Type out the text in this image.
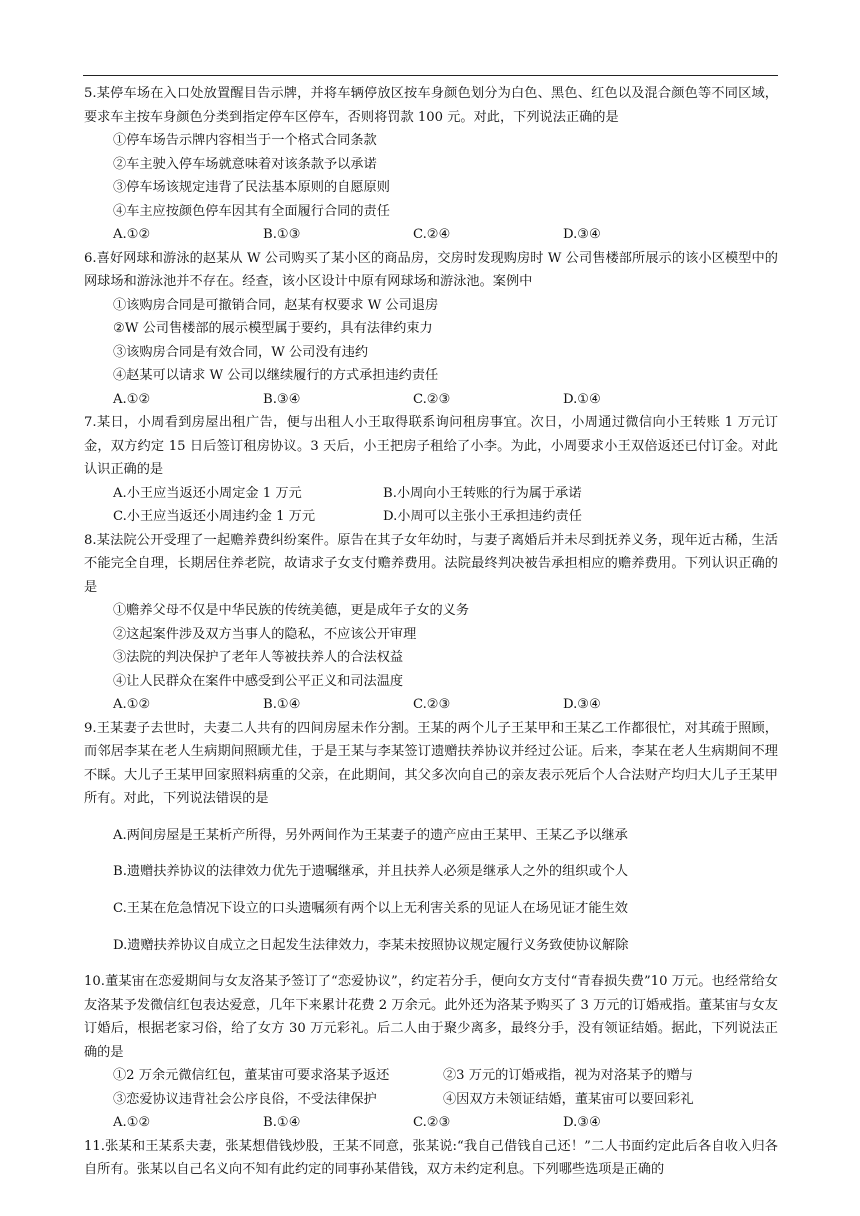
5.某停车场在入口处放置醒目告示牌，并将车辆停放区按车身颜色划分为白色、黑色、红色以及混合颜色等不同区域，要求车主按车身颜色分类到指定停车区停车，否则将罚款 100 元。对此，下列说法正确的是

①停车场告示牌内容相当于一个格式合同条款

②车主驶入停车场就意味着对该条款予以承诺

③停车场该规定违背了民法基本原则的自愿原则

④车主应按颜色停车因其有全面履行合同的责任

A.①②	B.①③	C.②④	D.③④

6.喜好网球和游泳的赵某从 W 公司购买了某小区的商品房，交房时发现购房时 W 公司售楼部所展示的该小区模型中的网球场和游泳池并不存在。经查，该小区设计中原有网球场和游泳池。案例中

①该购房合同是可撤销合同，赵某有权要求 W 公司退房

②W 公司售楼部的展示模型属于要约，具有法律约束力

③该购房合同是有效合同，W 公司没有违约

④赵某可以请求 W 公司以继续履行的方式承担违约责任

A.①②	B.③④	C.②③	D.①④

7.某日，小周看到房屋出租广告，便与出租人小王取得联系询问租房事宜。次日，小周通过微信向小王转账 1 万元订金，双方约定 15 日后签订租房协议。3 天后，小王把房子租给了小李。为此，小周要求小王双倍返还已付订金。对此认识正确的是

A.小王应当返还小周定金 1 万元	B.小周向小王转账的行为属于承诺
C.小王应当返还小周违约金 1 万元	D.小周可以主张小王承担违约责任

8.某法院公开受理了一起赡养费纠纷案件。原告在其子女年幼时，与妻子离婚后并未尽到抚养义务，现年近古稀，生活不能完全自理，长期居住养老院，故请求子女支付赡养费用。法院最终判决被告承担相应的赡养费用。下列认识正确的是

①赡养父母不仅是中华民族的传统美德，更是成年子女的义务

②这起案件涉及双方当事人的隐私，不应该公开审理

③法院的判决保护了老年人等被扶养人的合法权益

④让人民群众在案件中感受到公平正义和司法温度

A.①②	B.①④	C.②③	D.③④

9.王某妻子去世时，夫妻二人共有的四间房屋未作分割。王某的两个儿子王某甲和王某乙工作都很忙，对其疏于照顾，而邻居李某在老人生病期间照顾尤佳，于是王某与李某签订遗赠扶养协议并经过公证。后来，李某在老人生病期间不理不睬。大儿子王某甲回家照料病重的父亲，在此期间，其父多次向自己的亲友表示死后个人合法财产均归大儿子王某甲所有。对此，下列说法错误的是

A.两间房屋是王某析产所得，另外两间作为王某妻子的遗产应由王某甲、王某乙予以继承

B.遗赠扶养协议的法律效力优先于遗嘱继承，并且扶养人必须是继承人之外的组织或个人

C.王某在危急情况下设立的口头遗嘱须有两个以上无利害关系的见证人在场见证才能生效

D.遗赠扶养协议自成立之日起发生法律效力，李某未按照协议规定履行义务致使协议解除

10.董某宙在恋爱期间与女友洛某予签订了“恋爱协议”，约定若分手，便向女方支付“青春损失费”10 万元。也经常给女友洛某予发微信红包表达爱意，几年下来累计花费 2 万余元。此外还为洛某予购买了 3 万元的订婚戒指。董某宙与女友订婚后，根据老家习俗，给了女方 30 万元彩礼。后二人由于聚少离多，最终分手，没有领证结婚。据此，下列说法正确的是

①2 万余元微信红包，董某宙可要求洛某予返还	②3 万元的订婚戒指，视为对洛某予的赠与
③恋爱协议违背社会公序良俗，不受法律保护	④因双方未领证结婚，董某宙可以要回彩礼
A.①②	B.①④	C.②③	D.③④

11.张某和王某系夫妻，张某想借钱炒股，王某不同意，张某说:“我自己借钱自己还！”二人书面约定此后各自收入归各自所有。张某以自己名义向不知有此约定的同事孙某借钱，双方未约定利息。下列哪些选项是正确的
